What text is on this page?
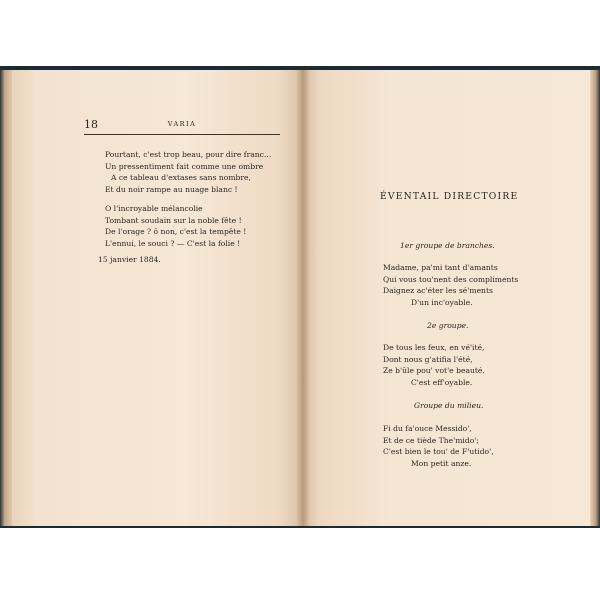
18	VARIA
Pourtant, c'est trop beau, pour dire franc…
Un pressentiment fait comme une ombre
A ce tableau d'extases sans nombre,
Et du noir rampe au nuage blanc !
O l'incroyable mélancolie
Tombant soudain sur la noble fête !
De l'orage ? ô non, c'est la tempête !
L'ennui, le souci ? — C'est la folie !
15 janvier 1884.
ÉVENTAIL DIRECTOIRE
1er groupe de branches.
Madame, pa'mi tant d'amants
Qui vous tou'nent des compliments
Daignez ac'éter les sé'ments
D'un inc'oyable.
2e groupe.
De tous les feux, en vé'ité,
Dont nous g'atifia l'été,
Ze b'ûle pou' vot'e beauté.
C'est eff'oyable.
Groupe du milieu.
Fi du fa'ouce Messido',
Et de ce tiède The'mido';
C'est bien le tou' de F'utido',
Mon petit anze.
